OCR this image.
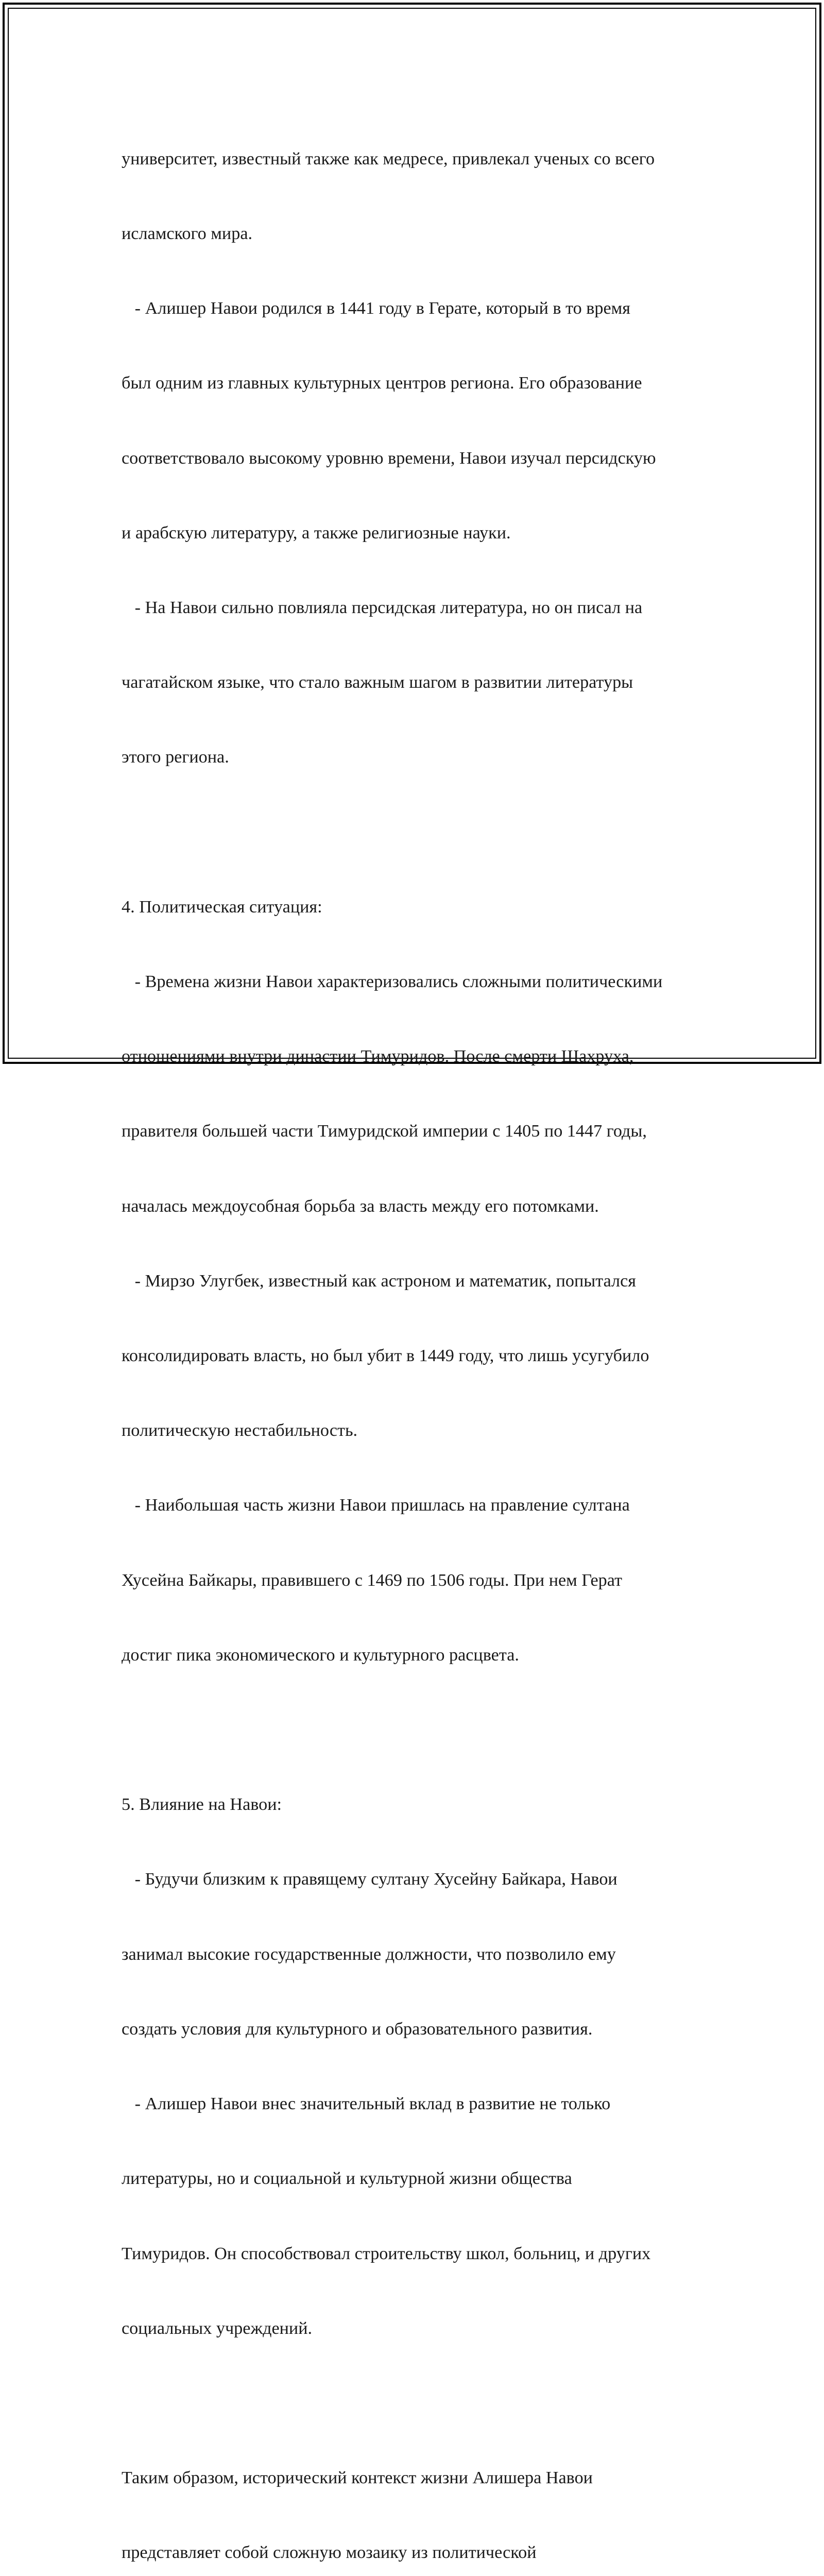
университет, известный также как медресе, привлекал ученых со всего

исламского мира.

- Алишер Навои родился в 1441 году в Герате, который в то время

был одним из главных культурных центров региона. Его образование

соответствовало высокому уровню времени, Навои изучал персидскую

и арабскую литературу, а также религиозные науки.

- На Навои сильно повлияла персидская литература, но он писал на

чагатайском языке, что стало важным шагом в развитии литературы

этого региона.

4. Политическая ситуация:

- Времена жизни Навои характеризовались сложными политическими

отношениями внутри династии Тимуридов. После смерти Шахруха,

правителя большей части Тимуридской империи с 1405 по 1447 годы,

началась междоусобная борьба за власть между его потомками.

- Мирзо Улугбек, известный как астроном и математик, попытался

консолидировать власть, но был убит в 1449 году, что лишь усугубило

политическую нестабильность.

- Наибольшая часть жизни Навои пришлась на правление султана

Хусейна Байкары, правившего с 1469 по 1506 годы. При нем Герат

достиг пика экономического и культурного расцвета.

5. Влияние на Навои:

- Будучи близким к правящему султану Хусейну Байкара, Навои

занимал высокие государственные должности, что позволило ему

создать условия для культурного и образовательного развития.

- Алишер Навои внес значительный вклад в развитие не только

литературы, но и социальной и культурной жизни общества

Тимуридов. Он способствовал строительству школ, больниц, и других

социальных учреждений.

Таким образом, исторический контекст жизни Алишера Навои

представляет собой сложную мозаику из политической
